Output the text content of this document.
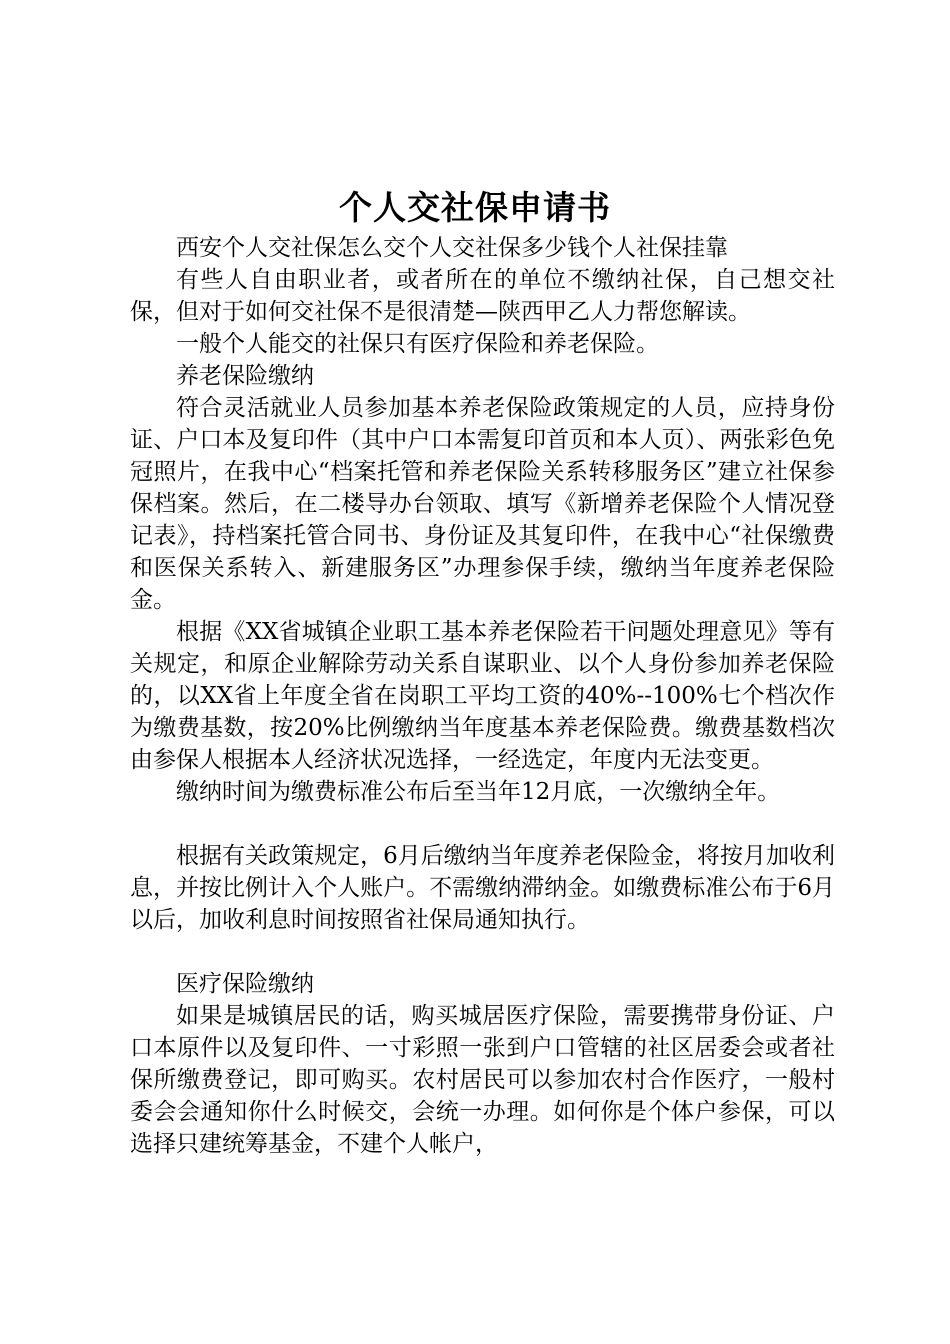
个人交社保申请书

西安个人交社保怎么交个人交社保多少钱个人社保挂靠

有些人自由职业者，或者所在的单位不缴纳社保，自己想交社保，但对于如何交社保不是很清楚—陕西甲乙人力帮您解读。

一般个人能交的社保只有医疗保险和养老保险。

养老保险缴纳

符合灵活就业人员参加基本养老保险政策规定的人员，应持身份证、户口本及复印件（其中户口本需复印首页和本人页）、两张彩色免冠照片，在我中心“档案托管和养老保险关系转移服务区”建立社保参保档案。然后，在二楼导办台领取、填写《新增养老保险个人情况登记表》，持档案托管合同书、身份证及其复印件，在我中心“社保缴费和医保关系转入、新建服务区”办理参保手续，缴纳当年度养老保险金。

根据《XX省城镇企业职工基本养老保险若干问题处理意见》等有关规定，和原企业解除劳动关系自谋职业、以个人身份参加养老保险的，以XX省上年度全省在岗职工平均工资的40%--100%七个档次作为缴费基数，按20%比例缴纳当年度基本养老保险费。缴费基数档次由参保人根据本人经济状况选择，一经选定，年度内无法变更。

缴纳时间为缴费标准公布后至当年12月底，一次缴纳全年。

根据有关政策规定，6月后缴纳当年度养老保险金，将按月加收利息，并按比例计入个人账户。不需缴纳滞纳金。如缴费标准公布于6月以后，加收利息时间按照省社保局通知执行。

医疗保险缴纳

如果是城镇居民的话，购买城居医疗保险，需要携带身份证、户口本原件以及复印件、一寸彩照一张到户口管辖的社区居委会或者社保所缴费登记，即可购买。农村居民可以参加农村合作医疗，一般村委会会通知你什么时候交，会统一办理。如何你是个体户参保，可以选择只建统筹基金，不建个人帐户，
